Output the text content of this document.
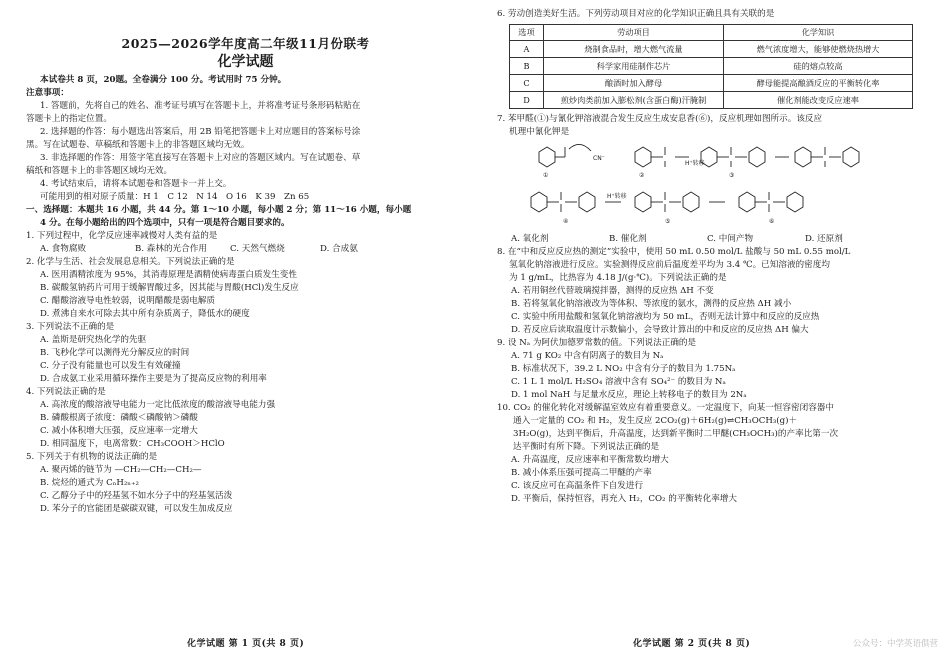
2025—2026学年度高二年级11月份联考
化学试题
本试卷共 8 页，20题。全卷满分 100 分。考试用时 75 分钟。
注意事项：
1. 答题前，先将自己的姓名、准考证号填写在答题卡上，并将准考证号条形码粘贴在
答题卡上的指定位置。
2. 选择题的作答：每小题选出答案后，用 2B 铅笔把答题卡上对应题目的答案标号涂
黑。写在试题卷、草稿纸和答题卡上的非答题区域均无效。
3. 非选择题的作答：用签字笔直接写在答题卡上对应的答题区域内。写在试题卷、草
稿纸和答题卡上的非答题区域均无效。
4. 考试结束后，请将本试题卷和答题卡一并上交。
可能用到的相对原子质量：H 1　C 12　N 14　O 16　K 39　Zn 65
一、选择题：本题共 16 小题，共 44 分。第 1～10 小题，每小题 2 分；第 11～16 小题，每小题
4 分。在每小题给出的四个选项中，只有一项是符合题目要求的。
1. 下列过程中，化学反应速率减慢对人类有益的是
A. 食物腐败	B. 森林的光合作用	C. 天然气燃烧	D. 合成氨
2. 化学与生活、社会发展息息相关。下列说法正确的是
A. 医用酒精浓度为 95%，其消毒原理是酒精使病毒蛋白质发生变性
B. 碳酸氢钠药片可用于缓解胃酸过多，因其能与胃酸(HCl)发生反应
C. 醋酸溶液导电性较弱，说明醋酸是弱电解质
D. 煮沸自来水可除去其中所有杂质离子，降低水的硬度
3. 下列说法不正确的是
A. 盖斯是研究热化学的先驱
B. 飞秒化学可以测得光分解反应的时间
C. 分子没有能量也可以发生有效碰撞
D. 合成氨工业采用循环操作主要是为了提高反应物的利用率
4. 下列说法正确的是
A. 高浓度的酸溶液导电能力一定比低浓度的酸溶液导电能力强
B. 磷酸根离子浓度：磷酸＜磷酸钠＞磷酸
C. 减小体积增大压强，反应速率一定增大
D. 相同温度下，电离常数：CH₃COOH＞HClO
5. 下列关于有机物的说法正确的是
A. 聚丙烯的链节为 —CH₂—CH₂—CH₂—
B. 烷烃的通式为 CₙH₂ₙ₊₂
C. 乙醇分子中的羟基氢不如水分子中的羟基氢活泼
D. 苯分子的官能团是碳碳双键，可以发生加成反应
6. 劳动创造美好生活。下列劳动项目对应的化学知识正确且具有关联的是
选项	劳动项目	化学知识
A	烧制食品时，增大燃气流量	燃气浓度增大，能够使燃烧热增大
B	科学家用硅制作芯片	硅的熔点较高
C	酿酒时加入酵母	酵母能提高酿酒反应的平衡转化率
D	煎炒肉类前加入膨松剂(含蛋白酶)汗腌制	催化剂能改变反应速率
7. 苯甲醛(①)与氰化钾溶液混合发生反应生成安息香(⑥)，反应机理如图所示。该反应
机理中氰化钾是
①
CN⁻
②	③
H⁺转移
④
H⁺转移
⑤	⑥
A. 氧化剂	B. 催化剂	C. 中间产物	D. 还原剂
8. 在“中和反应反应热的测定”实验中，使用 50 mL 0.50 mol/L 盐酸与 50 mL 0.55 mol/L
氢氧化钠溶液进行反应。实验测得反应前后温度差平均为 3.4 ℃。已知溶液的密度均
为 1 g/mL，比热容为 4.18 J/(g·℃)。下列说法正确的是
A. 若用铜丝代替玻璃搅拌器，测得的反应热 ΔH 不变
B. 若将氢氧化钠溶液改为等体积、等浓度的氨水，测得的反应热 ΔH 减小
C. 实验中所用盐酸和氢氧化钠溶液均为 50 mL，否则无法计算中和反应的反应热
D. 若反应后读取温度计示数偏小，会导致计算出的中和反应的反应热 ΔH 偏大
9. 设 Nₐ 为阿伏加德罗常数的值。下列说法正确的是
A. 71 g KO₂ 中含有阴离子的数目为 Nₐ
B. 标准状况下，39.2 L NO₂ 中含有分子的数目为 1.75Nₐ
C. 1 L 1 mol/L H₂SO₄ 溶液中含有 SO₄²⁻ 的数目为 Nₐ
D. 1 mol NaH 与足量水反应，理论上转移电子的数目为 2Nₐ
10. CO₂ 的催化转化对缓解温室效应有着重要意义。一定温度下，向某一恒容密闭容器中
通入一定量的 CO₂ 和 H₂，发生反应 2CO₂(g)＋6H₂(g)⇌CH₃OCH₃(g)＋
3H₂O(g)，达到平衡后，升高温度，达到新平衡时二甲醚(CH₃OCH₃)的产率比第一次
达平衡时有所下降。下列说法正确的是
A. 升高温度，反应速率和平衡常数均增大
B. 减小体系压强可提高二甲醚的产率
C. 该反应可在高温条件下自发进行
D. 平衡后，保持恒容，再充入 H₂，CO₂ 的平衡转化率增大
化学试题 第 1 页(共 8 页)	化学试题 第 2 页(共 8 页)	公众号：中学英语俱营
